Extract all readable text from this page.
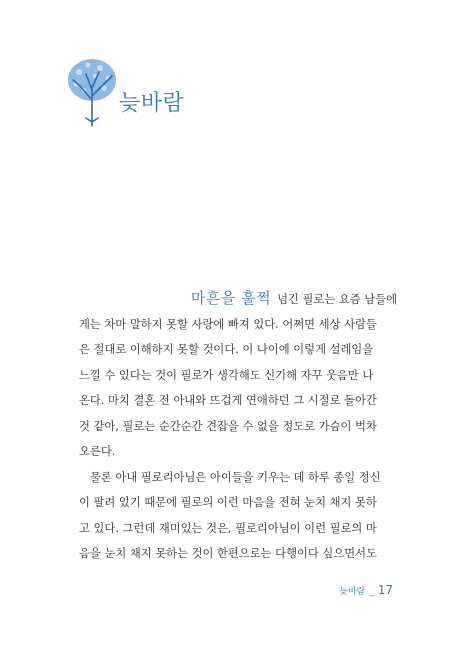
늦바람
마흔을 훌쩍 넘긴 필로는 요즘 남들에
게는 차마 말하지 못할 사랑에 빠져 있다. 어쩌면 세상 사람들
은 절대로 이해하지 못할 것이다. 이 나이에 이렇게 설레임을
느낄 수 있다는 것이 필로가 생각해도 신기해 자꾸 웃음만 나
온다. 마치 결혼 전 아내와 뜨겁게 연애하던 그 시절로 돌아간
것 같아, 필로는 순간순간 견잡을 수 없을 정도로 가슴이 벅차
오른다.
물론 아내 필로리아님은 아이들을 키우는 데 하루 종일 정신
이 팔려 있기 때문에 필로의 이런 마음을 전혀 눈치 채지 못하
고 있다. 그런데 재미있는 것은, 필로리아님이 이런 필로의 마
음을 눈치 채지 못하는 것이 한편으로는 다행이다 싶으면서도
늦바람 _ 17
